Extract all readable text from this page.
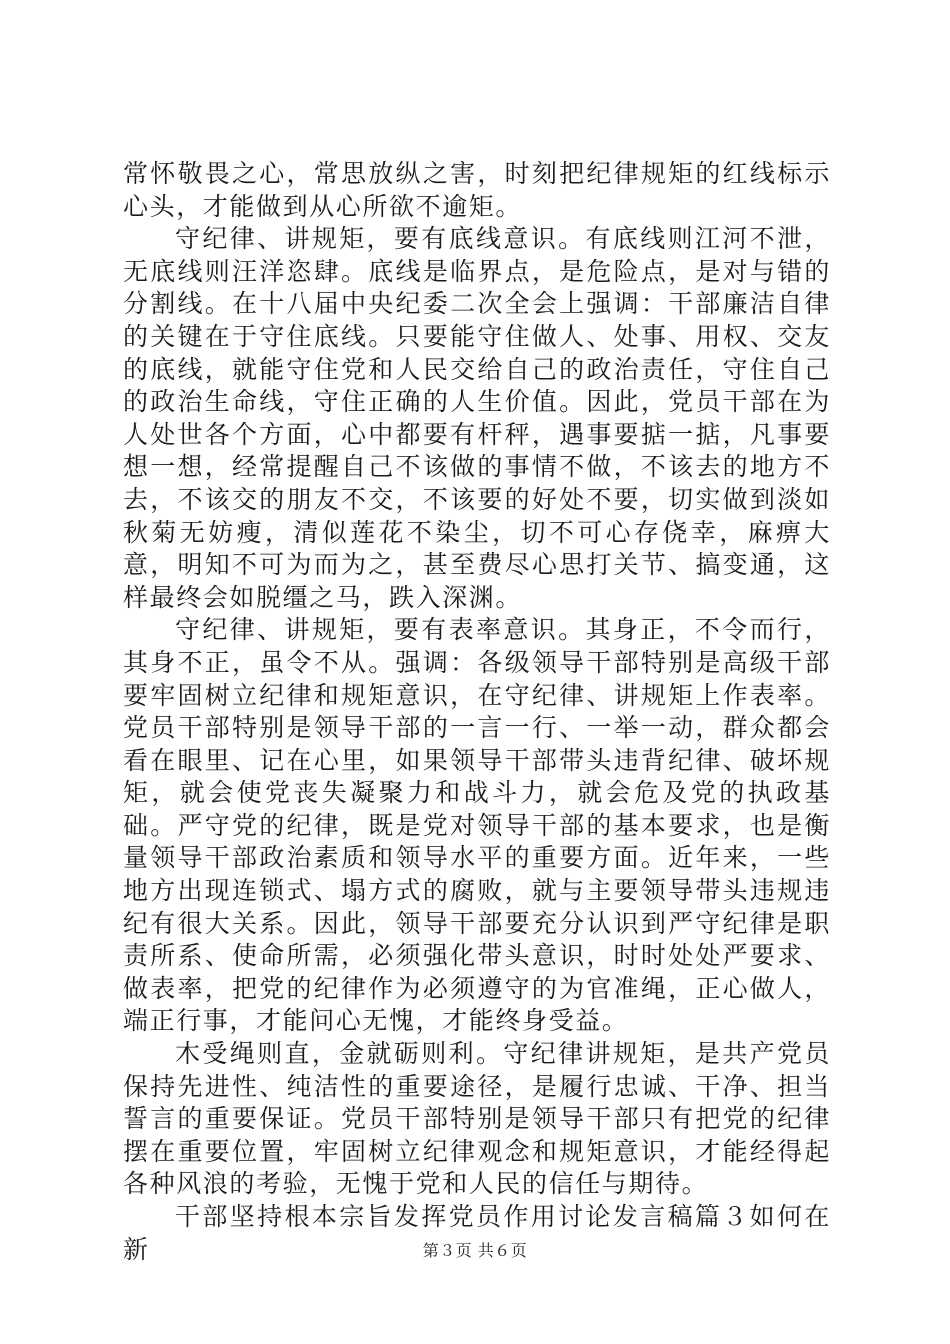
常怀敬畏之心，常思放纵之害，时刻把纪律规矩的红线标示心头，才能做到从心所欲不逾矩。

守纪律、讲规矩，要有底线意识。有底线则江河不泄，无底线则汪洋恣肆。底线是临界点，是危险点，是对与错的分割线。在十八届中央纪委二次全会上强调：干部廉洁自律的关键在于守住底线。只要能守住做人、处事、用权、交友的底线，就能守住党和人民交给自己的政治责任，守住自己的政治生命线，守住正确的人生价值。因此，党员干部在为人处世各个方面，心中都要有杆秤，遇事要掂一掂，凡事要想一想，经常提醒自己不该做的事情不做，不该去的地方不去，不该交的朋友不交，不该要的好处不要，切实做到淡如秋菊无妨瘦，清似莲花不染尘，切不可心存侥幸，麻痹大意，明知不可为而为之，甚至费尽心思打关节、搞变通，这样最终会如脱缰之马，跌入深渊。

守纪律、讲规矩，要有表率意识。其身正，不令而行，其身不正，虽令不从。强调：各级领导干部特别是高级干部要牢固树立纪律和规矩意识，在守纪律、讲规矩上作表率。党员干部特别是领导干部的一言一行、一举一动，群众都会看在眼里、记在心里，如果领导干部带头违背纪律、破坏规矩，就会使党丧失凝聚力和战斗力，就会危及党的执政基础。严守党的纪律，既是党对领导干部的基本要求，也是衡量领导干部政治素质和领导水平的重要方面。近年来，一些地方出现连锁式、塌方式的腐败，就与主要领导带头违规违纪有很大关系。因此，领导干部要充分认识到严守纪律是职责所系、使命所需，必须强化带头意识，时时处处严要求、做表率，把党的纪律作为必须遵守的为官准绳，正心做人，端正行事，才能问心无愧，才能终身受益。

木受绳则直，金就砺则利。守纪律讲规矩，是共产党员保持先进性、纯洁性的重要途径，是履行忠诚、干净、担当誓言的重要保证。党员干部特别是领导干部只有把党的纪律摆在重要位置，牢固树立纪律观念和规矩意识，才能经得起各种风浪的考验，无愧于党和人民的信任与期待。

干部坚持根本宗旨发挥党员作用讨论发言稿篇３如何在新	第３页 共６页
